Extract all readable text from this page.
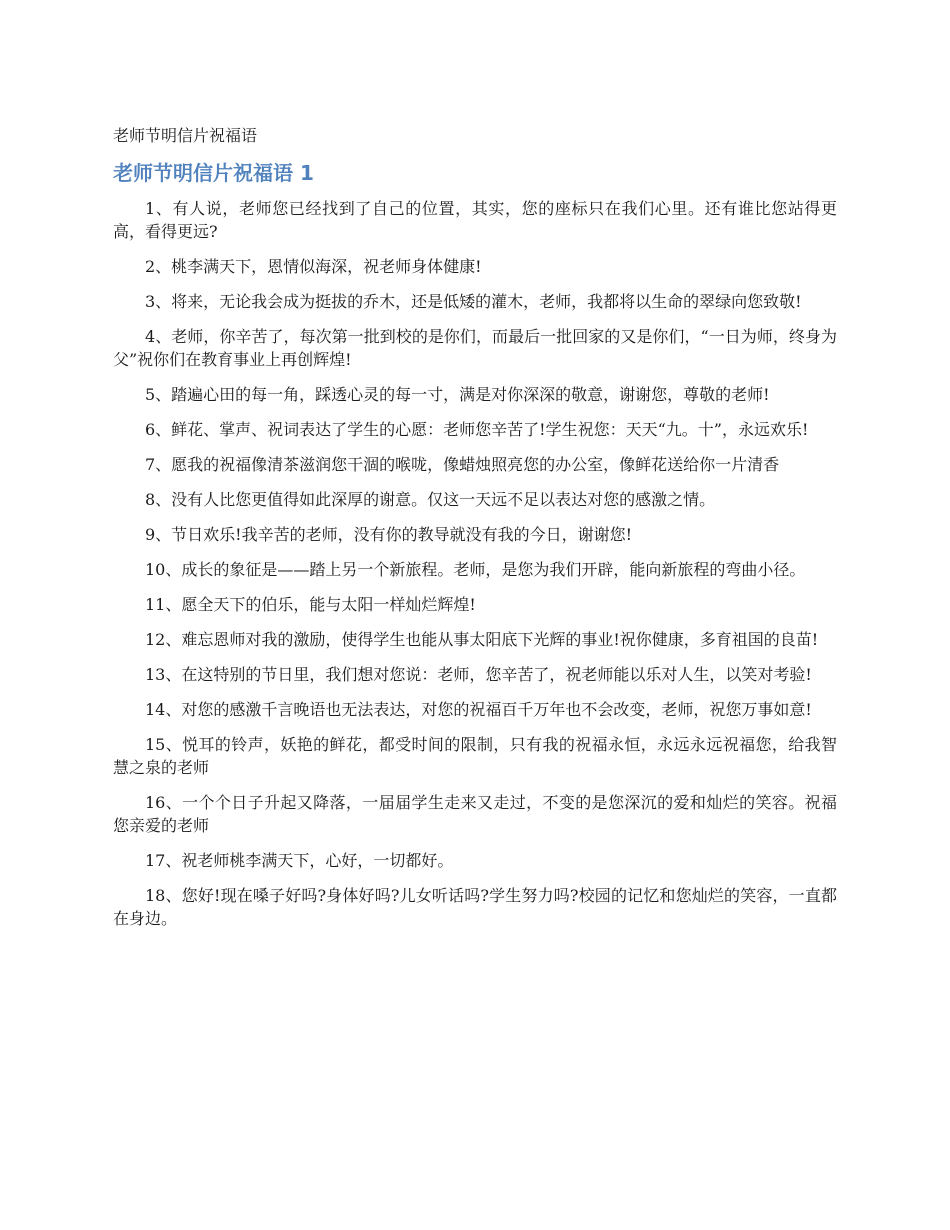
老师节明信片祝福语
老师节明信片祝福语 1

1、有人说，老师您已经找到了自己的位置，其实，您的座标只在我们心里。还有谁比您站得更高，看得更远?

2、桃李满天下，恩情似海深，祝老师身体健康!

3、将来，无论我会成为挺拔的乔木，还是低矮的灌木，老师，我都将以生命的翠绿向您致敬!

4、老师，你辛苦了，每次第一批到校的是你们，而最后一批回家的又是你们，“一日为师，终身为父”祝你们在教育事业上再创辉煌!

5、踏遍心田的每一角，踩透心灵的每一寸，满是对你深深的敬意，谢谢您，尊敬的老师!

6、鲜花、掌声、祝词表达了学生的心愿：老师您辛苦了!学生祝您：天天“九。十”，永远欢乐!

7、愿我的祝福像清茶滋润您干涸的喉咙，像蜡烛照亮您的办公室，像鲜花送给你一片清香

8、没有人比您更值得如此深厚的谢意。仅这一天远不足以表达对您的感激之情。

9、节日欢乐!我辛苦的老师，没有你的教导就没有我的今日，谢谢您!

10、成长的象征是——踏上另一个新旅程。老师，是您为我们开辟，能向新旅程的弯曲小径。

11、愿全天下的伯乐，能与太阳一样灿烂辉煌!

12、难忘恩师对我的激励，使得学生也能从事太阳底下光辉的事业!祝你健康，多育祖国的良苗!

13、在这特别的节日里，我们想对您说：老师，您辛苦了，祝老师能以乐对人生，以笑对考验!

14、对您的感激千言晚语也无法表达，对您的祝福百千万年也不会改变，老师，祝您万事如意!

15、悦耳的铃声，妖艳的鲜花，都受时间的限制，只有我的祝福永恒，永远永远祝福您，给我智慧之泉的老师

16、一个个日子升起又降落，一届届学生走来又走过，不变的是您深沉的爱和灿烂的笑容。祝福您亲爱的老师

17、祝老师桃李满天下，心好，一切都好。

18、您好!现在嗓子好吗?身体好吗?儿女听话吗?学生努力吗?校园的记忆和您灿烂的笑容，一直都在身边。
